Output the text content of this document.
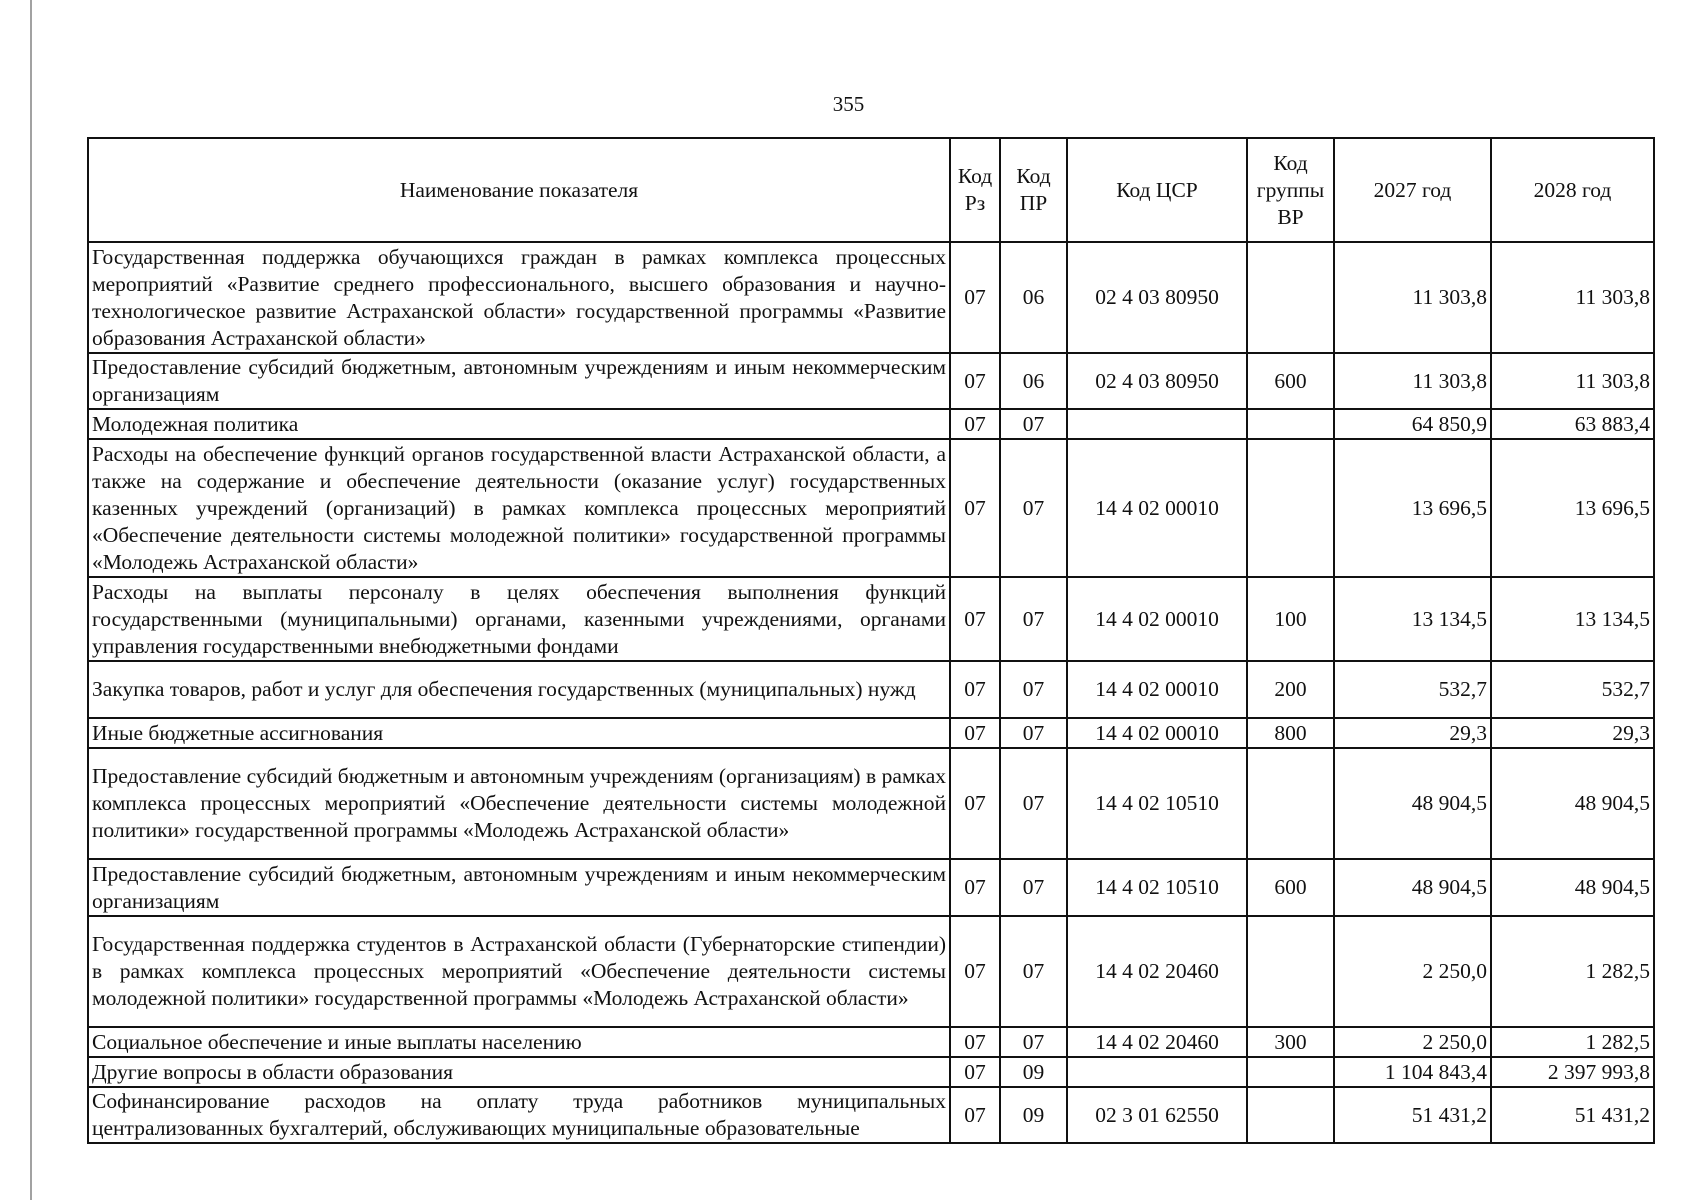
355
Наименование показателя	Код Рз	Код ПР	Код ЦСР	Код группы ВР	2027 год	2028 год
Государственная поддержка обучающихся граждан в рамках комплекса процессных мероприятий «Развитие среднего профессионального, высшего образования и научно-технологическое развитие Астраханской области» государственной программы «Развитие образования Астраханской области»	07	06	02 4 03 80950		11 303,8	11 303,8
Предоставление субсидий бюджетным, автономным учреждениям и иным некоммерческим организациям	07	06	02 4 03 80950	600	11 303,8	11 303,8
Молодежная политика	07	07			64 850,9	63 883,4
Расходы на обеспечение функций органов государственной власти Астраханской области, а также на содержание и обеспечение деятельности (оказание услуг) государственных казенных учреждений (организаций) в рамках комплекса процессных мероприятий «Обеспечение деятельности системы молодежной политики» государственной программы «Молодежь Астраханской области»	07	07	14 4 02 00010		13 696,5	13 696,5
Расходы на выплаты персоналу в целях обеспечения выполнения функций государственными (муниципальными) органами, казенными учреждениями, органами управления государственными внебюджетными фондами	07	07	14 4 02 00010	100	13 134,5	13 134,5
Закупка товаров, работ и услуг для обеспечения государственных (муниципальных) нужд	07	07	14 4 02 00010	200	532,7	532,7
Иные бюджетные ассигнования	07	07	14 4 02 00010	800	29,3	29,3
Предоставление субсидий бюджетным и автономным учреждениям (организациям) в рамках комплекса процессных мероприятий «Обеспечение деятельности системы молодежной политики» государственной программы «Молодежь Астраханской области»	07	07	14 4 02 10510		48 904,5	48 904,5
Предоставление субсидий бюджетным, автономным учреждениям и иным некоммерческим организациям	07	07	14 4 02 10510	600	48 904,5	48 904,5
Государственная поддержка студентов в Астраханской области (Губернаторские стипендии) в рамках комплекса процессных мероприятий «Обеспечение деятельности системы молодежной политики» государственной программы «Молодежь Астраханской области»	07	07	14 4 02 20460		2 250,0	1 282,5
Социальное обеспечение и иные выплаты населению	07	07	14 4 02 20460	300	2 250,0	1 282,5
Другие вопросы в области образования	07	09			1 104 843,4	2 397 993,8
Софинансирование расходов на оплату труда работников муниципальных централизованных бухгалтерий, обслуживающих муниципальные образовательные	07	09	02 3 01 62550		51 431,2	51 431,2
